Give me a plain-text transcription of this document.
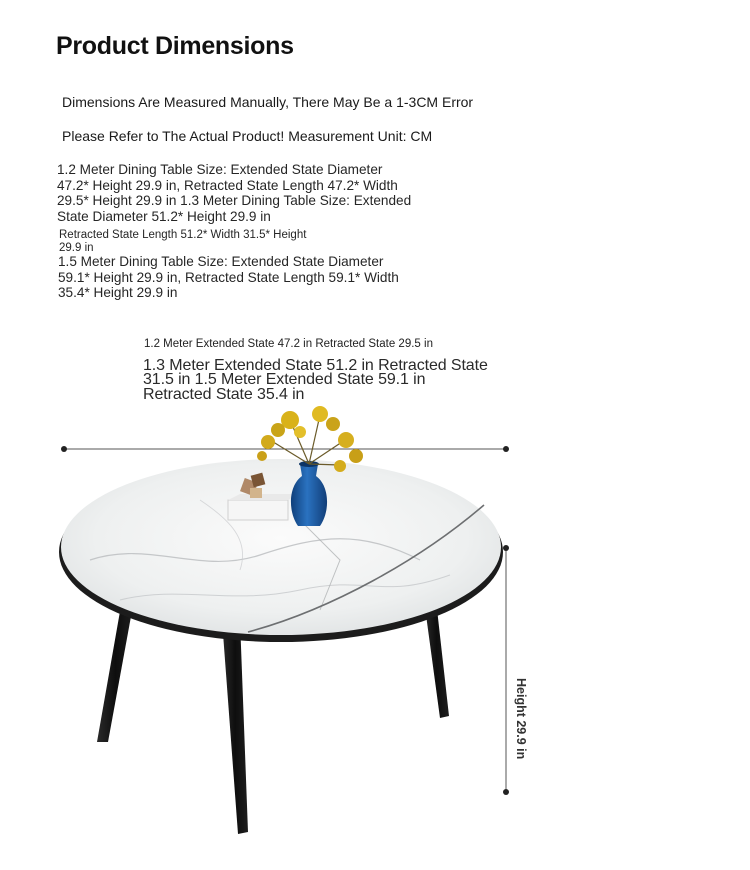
Product Dimensions
Dimensions Are Measured Manually, There May Be a 1-3CM Error
Please Refer to The Actual Product! Measurement Unit: CM
1.2 Meter Dining Table Size: Extended State Diameter 47.2* Height 29.9 in, Retracted State Length 47.2* Width 29.5* Height 29.9 in 1.3 Meter Dining Table Size: Extended State Diameter 51.2* Height 29.9 in
Retracted State Length 51.2* Width 31.5* Height 29.9 in
1.5 Meter Dining Table Size: Extended State Diameter 59.1* Height 29.9 in, Retracted State Length 59.1* Width 35.4* Height 29.9 in
1.2 Meter Extended State 47.2 in Retracted State 29.5 in
1.3 Meter Extended State 51.2 in Retracted State 31.5 in 1.5 Meter Extended State 59.1 in Retracted State 35.4 in
Height 29.9 in
